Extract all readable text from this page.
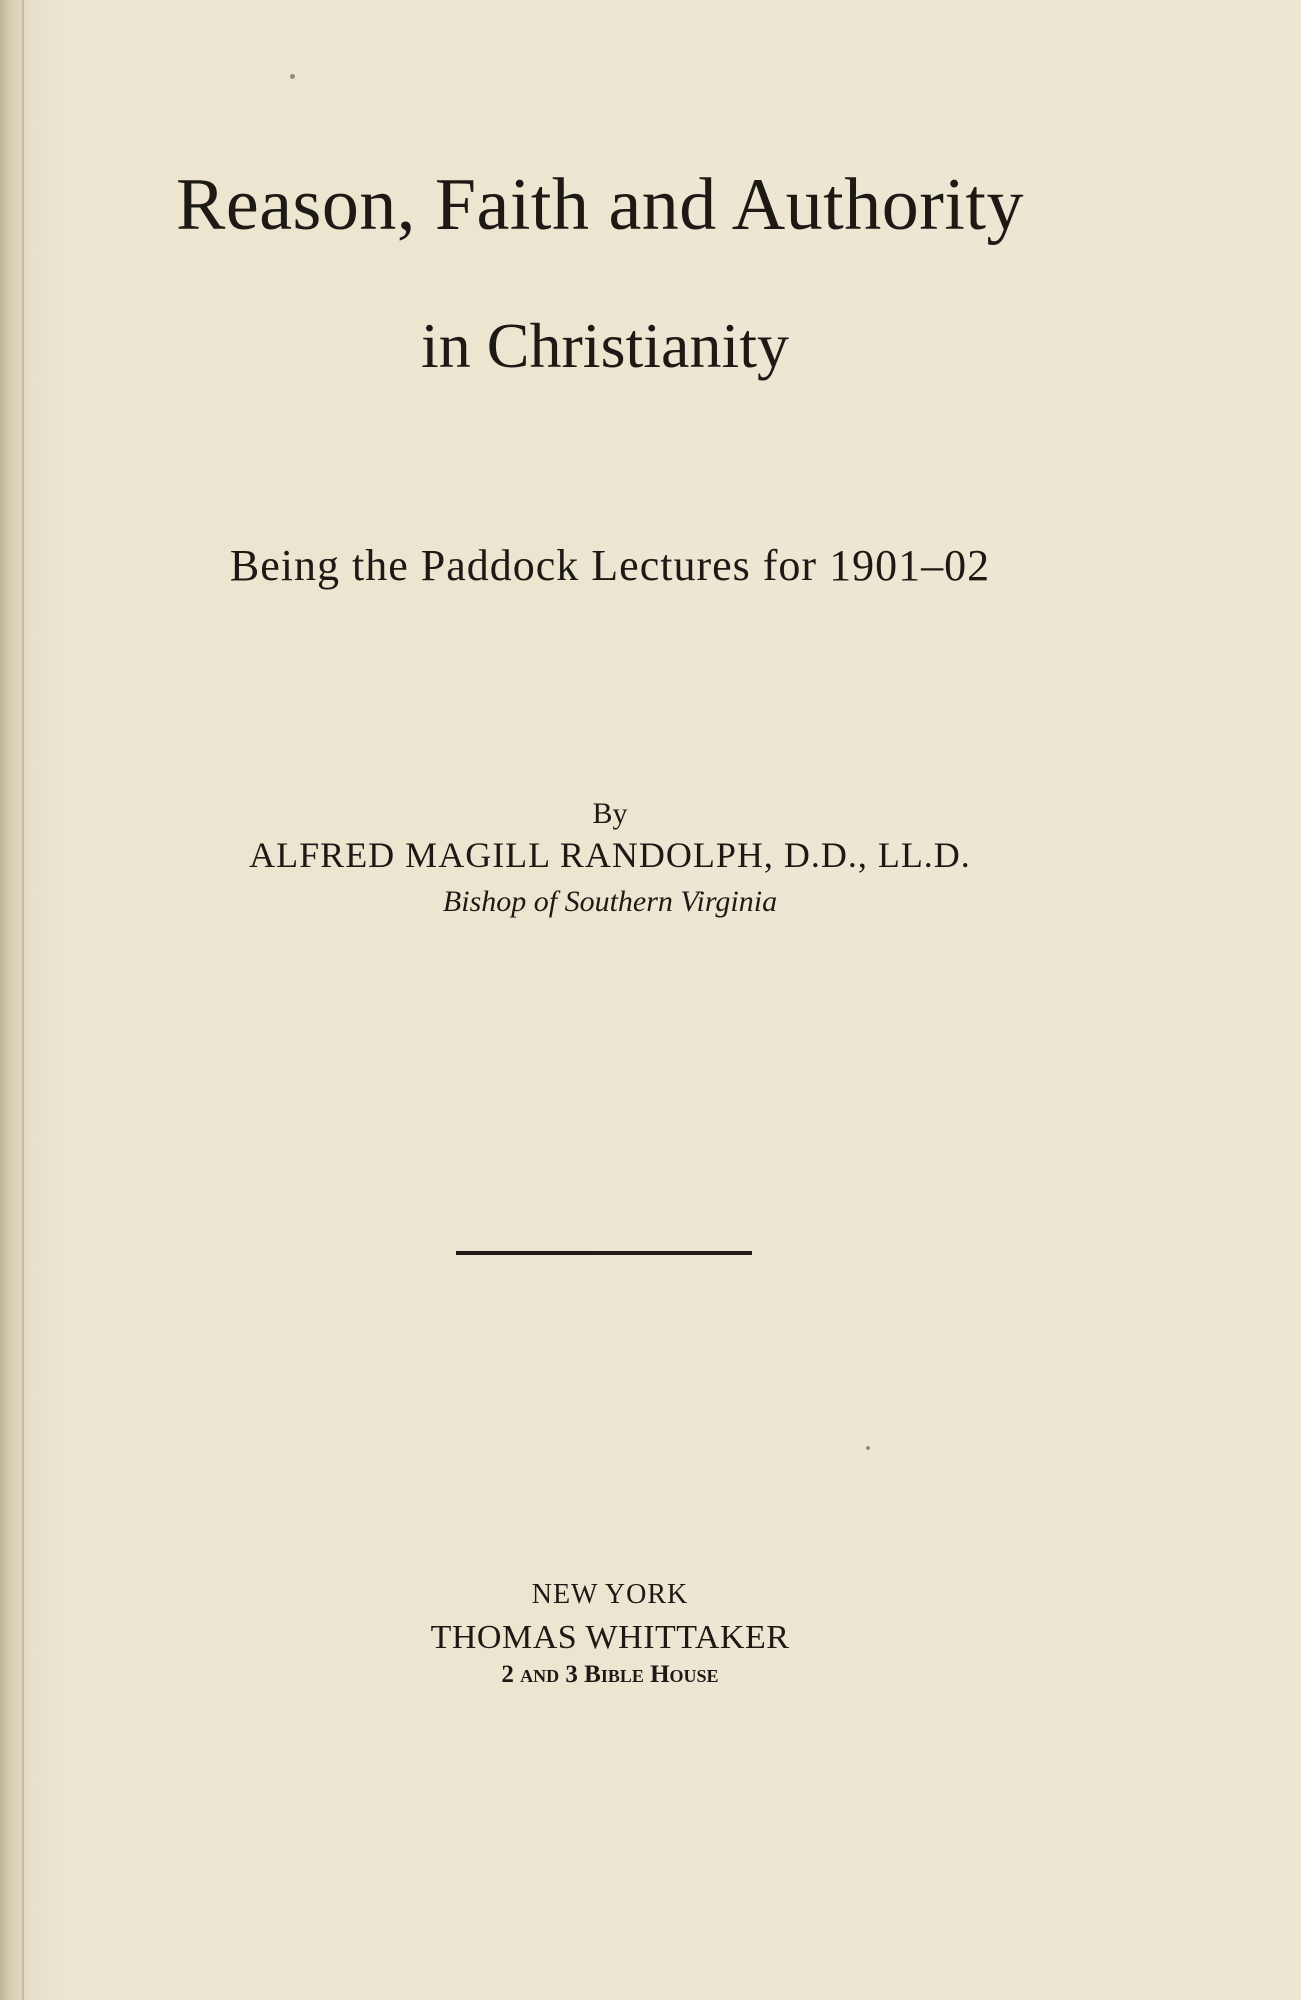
Reason, Faith and Authority
in Christianity
Being the Paddock Lectures for 1901–02
By
ALFRED MAGILL RANDOLPH, D.D., LL.D.
Bishop of Southern Virginia
NEW YORK
THOMAS WHITTAKER
2 and 3 Bible House
